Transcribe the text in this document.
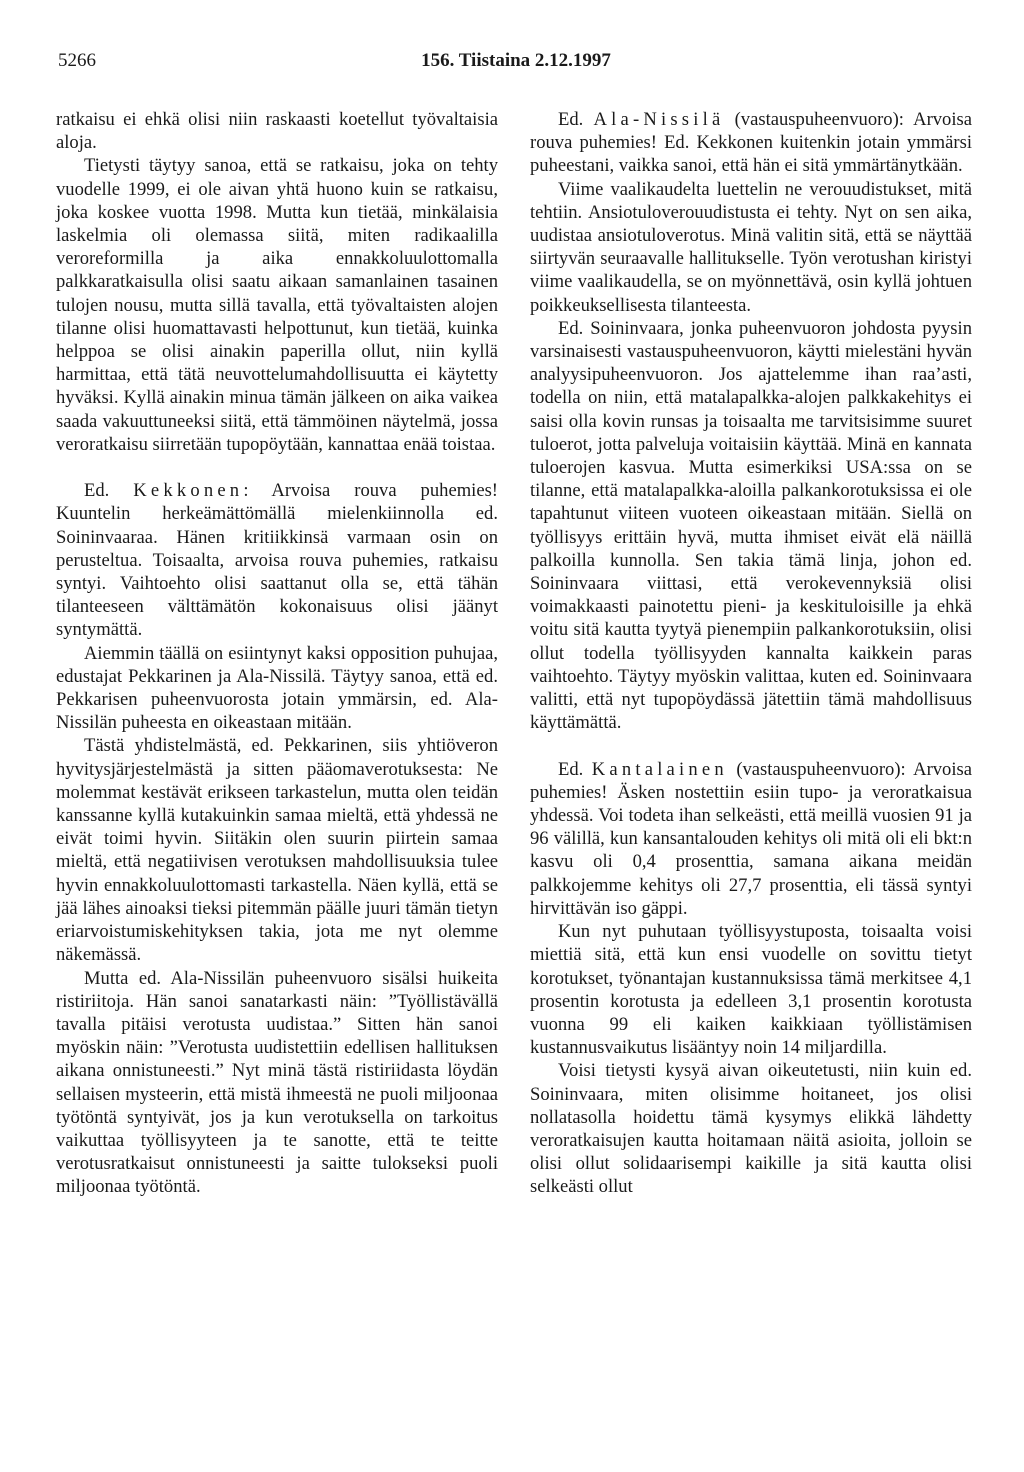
5266	156. Tiistaina 2.12.1997

ratkaisu ei ehkä olisi niin raskaasti koetellut työvaltaisia aloja.

Tietysti täytyy sanoa, että se ratkaisu, joka on tehty vuodelle 1999, ei ole aivan yhtä huono kuin se ratkaisu, joka koskee vuotta 1998. Mutta kun tietää, minkälaisia laskelmia oli olemassa siitä, miten radikaalilla veroreformilla ja aika ennakkoluulottomalla palkkaratkaisulla olisi saatu aikaan samanlainen tasainen tulojen nousu, mutta sillä tavalla, että työvaltaisten alojen tilanne olisi huomattavasti helpottunut, kun tietää, kuinka helppoa se olisi ainakin paperilla ollut, niin kyllä harmittaa, että tätä neuvottelumahdollisuutta ei käytetty hyväksi. Kyllä ainakin minua tämän jälkeen on aika vaikea saada vakuuttuneeksi siitä, että tämmöinen näytelmä, jossa veroratkaisu siirretään tupopöytään, kannattaa enää toistaa.

Ed. Kekkonen: Arvoisa rouva puhemies! Kuuntelin herkeämättömällä mielenkiinnolla ed. Soininvaaraa. Hänen kritiikkinsä varmaan osin on perusteltua. Toisaalta, arvoisa rouva puhemies, ratkaisu syntyi. Vaihtoehto olisi saattanut olla se, että tähän tilanteeseen välttämätön kokonaisuus olisi jäänyt syntymättä.

Aiemmin täällä on esiintynyt kaksi opposition puhujaa, edustajat Pekkarinen ja Ala-Nissilä. Täytyy sanoa, että ed. Pekkarisen puheenvuorosta jotain ymmärsin, ed. Ala-Nissilän puheesta en oikeastaan mitään.

Tästä yhdistelmästä, ed. Pekkarinen, siis yhtiöveron hyvitysjärjestelmästä ja sitten pääomaverotuksesta: Ne molemmat kestävät erikseen tarkastelun, mutta olen teidän kanssanne kyllä kutakuinkin samaa mieltä, että yhdessä ne eivät toimi hyvin. Siitäkin olen suurin piirtein samaa mieltä, että negatiivisen verotuksen mahdollisuuksia tulee hyvin ennakkoluulottomasti tarkastella. Näen kyllä, että se jää lähes ainoaksi tieksi pitemmän päälle juuri tämän tietyn eriarvoistumiskehityksen takia, jota me nyt olemme näkemässä.

Mutta ed. Ala-Nissilän puheenvuoro sisälsi huikeita ristiriitoja. Hän sanoi sanatarkasti näin: ”Työllistävällä tavalla pitäisi verotusta uudistaa.” Sitten hän sanoi myöskin näin: ”Verotusta uudistettiin edellisen hallituksen aikana onnistuneesti.” Nyt minä tästä ristiriidasta löydän sellaisen mysteerin, että mistä ihmeestä ne puoli miljoonaa työtöntä syntyivät, jos ja kun verotuksella on tarkoitus vaikuttaa työllisyyteen ja te sanotte, että te teitte verotusratkaisut onnistuneesti ja saitte tulokseksi puoli miljoonaa työtöntä.

Ed. Ala-Nissilä (vastauspuheenvuoro): Arvoisa rouva puhemies! Ed. Kekkonen kuitenkin jotain ymmärsi puheestani, vaikka sanoi, että hän ei sitä ymmärtänytkään.

Viime vaalikaudelta luettelin ne verouudistukset, mitä tehtiin. Ansiotuloverouudistusta ei tehty. Nyt on sen aika, uudistaa ansiotuloverotus. Minä valitin sitä, että se näyttää siirtyvän seuraavalle hallitukselle. Työn verotushan kiristyi viime vaalikaudella, se on myönnettävä, osin kyllä johtuen poikkeuksellisesta tilanteesta.

Ed. Soininvaara, jonka puheenvuoron johdosta pyysin varsinaisesti vastauspuheenvuoron, käytti mielestäni hyvän analyysipuheenvuoron. Jos ajattelemme ihan raa’asti, todella on niin, että matalapalkka-alojen palkkakehitys ei saisi olla kovin runsas ja toisaalta me tarvitsisimme suuret tuloerot, jotta palveluja voitaisiin käyttää. Minä en kannata tuloerojen kasvua. Mutta esimerkiksi USA:ssa on se tilanne, että matalapalkka-aloilla palkankorotuksissa ei ole tapahtunut viiteen vuoteen oikeastaan mitään. Siellä on työllisyys erittäin hyvä, mutta ihmiset eivät elä näillä palkoilla kunnolla. Sen takia tämä linja, johon ed. Soininvaara viittasi, että verokevennyksiä olisi voimakkaasti painotettu pieni- ja keskituloisille ja ehkä voitu sitä kautta tyytyä pienempiin palkankorotuksiin, olisi ollut todella työllisyyden kannalta kaikkein paras vaihtoehto. Täytyy myöskin valittaa, kuten ed. Soininvaara valitti, että nyt tupopöydässä jätettiin tämä mahdollisuus käyttämättä.

Ed. Kantalainen (vastauspuheenvuoro): Arvoisa puhemies! Äsken nostettiin esiin tupo- ja veroratkaisua yhdessä. Voi todeta ihan selkeästi, että meillä vuosien 91 ja 96 välillä, kun kansantalouden kehitys oli mitä oli eli bkt:n kasvu oli 0,4 prosenttia, samana aikana meidän palkkojemme kehitys oli 27,7 prosenttia, eli tässä syntyi hirvittävän iso gäppi.

Kun nyt puhutaan työllisyystuposta, toisaalta voisi miettiä sitä, että kun ensi vuodelle on sovittu tietyt korotukset, työnantajan kustannuksissa tämä merkitsee 4,1 prosentin korotusta ja edelleen 3,1 prosentin korotusta vuonna 99 eli kaiken kaikkiaan työllistämisen kustannusvaikutus lisääntyy noin 14 miljardilla.

Voisi tietysti kysyä aivan oikeutetusti, niin kuin ed. Soininvaara, miten olisimme hoitaneet, jos olisi nollatasolla hoidettu tämä kysymys elikkä lähdetty veroratkaisujen kautta hoitamaan näitä asioita, jolloin se olisi ollut solidaarisempi kaikille ja sitä kautta olisi selkeästi ollut
